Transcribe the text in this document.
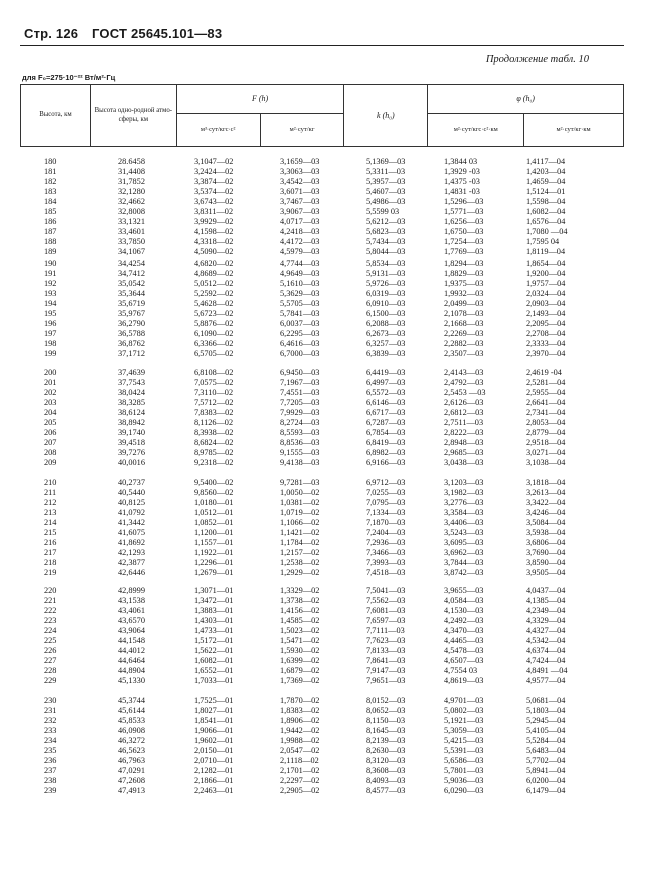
Стр. 126 ГОСТ 25645.101—83
Продолжение табл. 10
для F₀=275·10⁻²² Вт/м²·Гц
Высота, км	Высота одно-родной атмо-сферы, км	F (h)		k (h₀)	φ (h₀)	
		м³·сут/кгс·с²	м²·сут/кг		м²·сут/кгс·с²·км	м²·сут/кг·км
180	28.6458	3,1047—02	3,1659—03	5,1369—03	1,3844 03	1,4117—04
181	31,4408	3,2424—02	3,3063—03	5,3311—03	1,3929 -03	1,4203—04
182	31,7852	3,3874—02	3,4542—03	5,3957—03	1,4375 -03	1,4659—04
183	32,1280	3,5374—02	3,6071—03	5,4607—03	1,4831 -03	1,5124—01
184	32,4662	3,6743—02	3,7467—03	5,4986—03	1,5296—03	1,5598—04
185	32,8008	3,8311—02	3,9067—03	5,5599 03	1,5771—03	1,6082—04
186	33,1321	3,9929—02	4,0717—03	5,6212—03	1,6256—03	1,6576—04
187	33,4601	4,1598—02	4,2418—03	5,6823—03	1,6750—03	1,7080 —04
188	33,7850	4,3318—02	4,4172—03	5,7434—03	1,7254—03	1,7595 04
189	34,1067	4,5090—02	4,5979—03	5,8044—03	1,7769—03	1,8119—04
190	34,4254	4,6820—02	4,7744—03	5,8534—03	1,8294—03	1,8654—04
191	34,7412	4,8689—02	4,9649—03	5,9131—03	1,8829—03	1,9200—04
192	35,0542	5,0512—02	5,1610—03	5,9726—03	1,9375—03	1,9757—04
193	35,3644	5,2592—02	5,3629—03	6,0319—03	1,9932—03	2,0324—04
194	35,6719	5,4628—02	5,5705—03	6,0910—03	2,0499—03	2,0903—04
195	35,9767	5,6723—02	5,7841—03	6,1500—03	2,1078—03	2,1493—04
196	36,2790	5,8876—02	6,0037—03	6,2088—03	2,1668—03	2,2095—04
197	36,5788	6,1090—02	6,2295—03	6,2673—03	2,2269—03	2,2708—04
198	36,8762	6,3366—02	6,4616—03	6,3257—03	2,2882—03	2,3333—04
199	37,1712	6,5705—02	6,7000—03	6,3839—03	2,3507—03	2,3970—04
200	37,4639	6,8108—02	6,9450—03	6,4419—03	2,4143—03	2,4619 -04
201	37,7543	7,0575—02	7,1967—03	6,4997—03	2,4792—03	2,5281—04
202	38,0424	7,3110—02	7,4551—03	6,5572—03	2,5453 —03	2,5955—04
203	38,3285	7,5712—02	7,7205—03	6,6146—03	2,6126—03	2,6641—04
204	38,6124	7,8383—02	7,9929—03	6,6717—03	2,6812—03	2,7341—04
205	38,8942	8,1126—02	8,2724—03	6,7287—03	2,7511—03	2,8053—04
206	39,1740	8,3938—02	8,5593—03	6,7854—03	2,8222—03	2,8779—04
207	39,4518	8,6824—02	8,8536—03	6,8419—03	2,8948—03	2,9518—04
208	39,7276	8,9785—02	9,1555—03	6,8982—03	2,9685—03	3,0271—04
209	40,0016	9,2318—02	9,4138—03	6,9166—03	3,0438—03	3,1038—04
210	40,2737	9,5400—02	9,7281—03	6,9712—03	3,1203—03	3,1818—04
211	40,5440	9,8560—02	1,0050—02	7,0255—03	3,1982—03	3,2613—04
212	40,8125	1,0180—01	1,0381—02	7,0795—03	3,2776—03	3,3422—04
213	41,0792	1,0512—01	1,0719—02	7,1334—03	3,3584—03	3,4246—04
214	41,3442	1,0852—01	1,1066—02	7,1870—03	3,4406—03	3,5084—04
215	41,6075	1,1200—01	1,1421—02	7,2404—03	3,5243—03	3,5938—04
216	41,8692	1,1557—01	1,1784—02	7,2936—03	3,6095—03	3,6806—04
217	42,1293	1,1922—01	1,2157—02	7,3466—03	3,6962—03	3,7690—04
218	42,3877	1,2296—01	1,2538—02	7,3993—03	3,7844—03	3,8590—04
219	42,6446	1,2679—01	1,2929—02	7,4518—03	3,8742—03	3,9505—04
220	42,8999	1,3071—01	1,3329—02	7,5041—03	3,9655—03	4,0437—04
221	43,1538	1,3472—01	1,3738—02	7,5562—03	4,0584—03	4,1385—04
222	43,4061	1,3883—01	1,4156—02	7,6081—03	4,1530—03	4,2349—04
223	43,6570	1,4303—01	1,4585—02	7,6597—03	4,2492—03	4,3329—04
224	43,9064	1,4733—01	1,5023—02	7,7111—03	4,3470—03	4,4327—04
225	44,1548	1,5172—01	1,5471—02	7,7623—03	4,4465—03	4,5342—04
226	44,4012	1,5622—01	1,5930—02	7,8133—03	4,5478—03	4,6374—04
227	44,6464	1,6082—01	1,6399—02	7,8641—03	4,6507—03	4,7424—04
228	44,8904	1,6552—01	1,6879—02	7,9147—03	4,7554 03	4,8491 —04
229	45,1330	1,7033—01	1,7369—02	7,9651—03	4,8619—03	4,9577—04
230	45,3744	1,7525—01	1,7870—02	8,0152—03	4,9701—03	5,0681—04
231	45,6144	1,8027—01	1,8383—02	8,0652—03	5,0802—03	5,1803—04
232	45,8533	1,8541—01	1,8906—02	8,1150—03	5,1921—03	5,2945—04
233	46,0908	1,9066—01	1,9442—02	8,1645—03	5,3059—03	5,4105—04
234	46,3272	1,9602—01	1,9988—02	8,2139—03	5,4215—03	5,5284—04
235	46,5623	2,0150—01	2,0547—02	8,2630—03	5,5391—03	5,6483—04
236	46,7963	2,0710—01	2,1118—02	8,3120—03	5,6586—03	5,7702—04
237	47,0291	2,1282—01	2,1701—02	8,3608—03	5,7801—03	5,8941—04
238	47,2608	2,1866—01	2,2297—02	8,4093—03	5,9036—03	6,0200—04
239	47,4913	2,2463—01	2,2905—02	8,4577—03	6,0290—03	6,1479—04
